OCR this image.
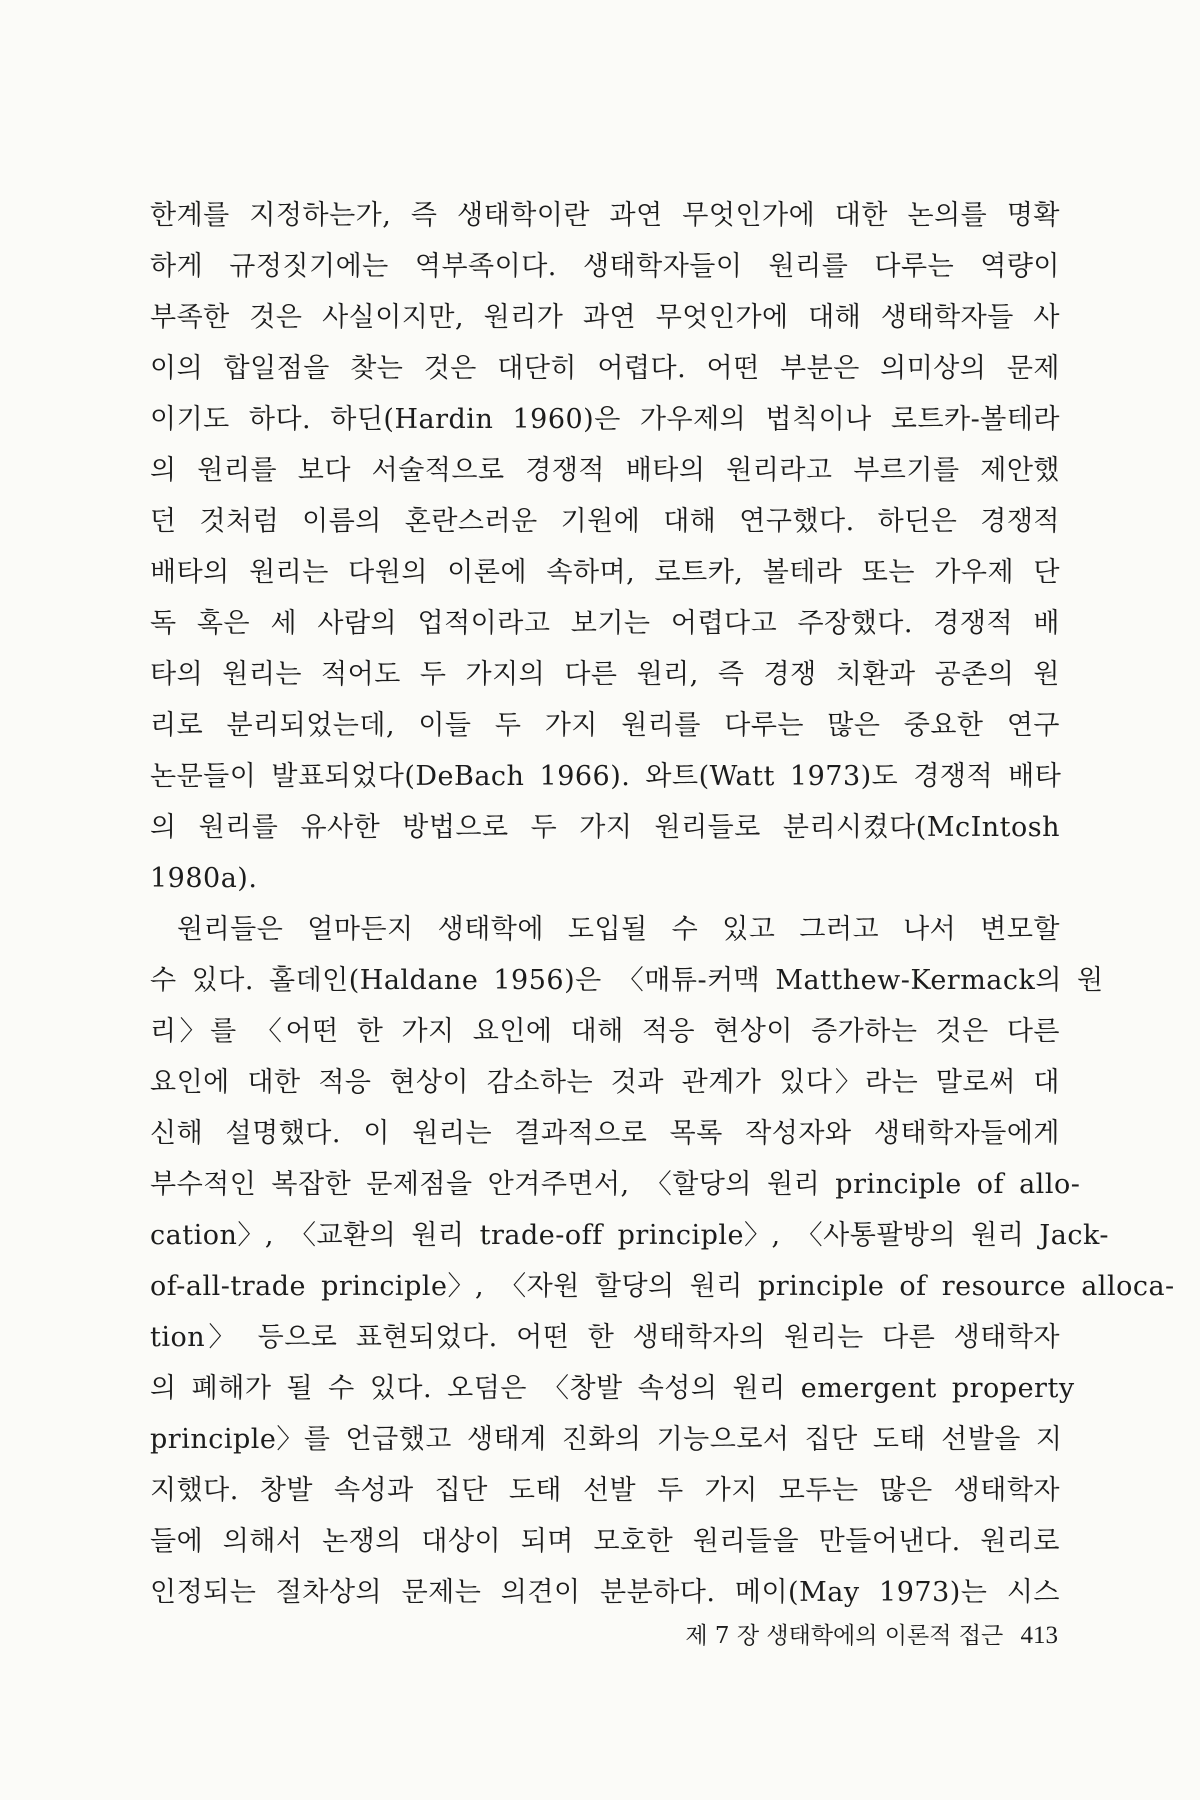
한계를 지정하는가, 즉 생태학이란 과연 무엇인가에 대한 논의를 명확
하게 규정짓기에는 역부족이다. 생태학자들이 원리를 다루는 역량이
부족한 것은 사실이지만, 원리가 과연 무엇인가에 대해 생태학자들 사
이의 합일점을 찾는 것은 대단히 어렵다. 어떤 부분은 의미상의 문제
이기도 하다. 하딘(Hardin 1960)은 가우제의 법칙이나 로트카-볼테라
의 원리를 보다 서술적으로 경쟁적 배타의 원리라고 부르기를 제안했
던 것처럼 이름의 혼란스러운 기원에 대해 연구했다. 하딘은 경쟁적
배타의 원리는 다원의 이론에 속하며, 로트카, 볼테라 또는 가우제 단
독 혹은 세 사람의 업적이라고 보기는 어렵다고 주장했다. 경쟁적 배
타의 원리는 적어도 두 가지의 다른 원리, 즉 경쟁 치환과 공존의 원
리로 분리되었는데, 이들 두 가지 원리를 다루는 많은 중요한 연구
논문들이 발표되었다(DeBach 1966). 와트(Watt 1973)도 경쟁적 배타
의 원리를 유사한 방법으로 두 가지 원리들로 분리시켰다(McIntosh
1980a).
원리들은 얼마든지 생태학에 도입될 수 있고 그러고 나서 변모할
수 있다. 홀데인(Haldane 1956)은 〈매튜-커맥 Matthew-Kermack의 원
리〉를 〈어떤 한 가지 요인에 대해 적응 현상이 증가하는 것은 다른
요인에 대한 적응 현상이 감소하는 것과 관계가 있다〉라는 말로써 대
신해 설명했다. 이 원리는 결과적으로 목록 작성자와 생태학자들에게
부수적인 복잡한 문제점을 안겨주면서, 〈할당의 원리 principle of allo-
cation〉, 〈교환의 원리 trade-off principle〉, 〈사통팔방의 원리 Jack-
of-all-trade principle〉, 〈자원 할당의 원리 principle of resource alloca-
tion〉 등으로 표현되었다. 어떤 한 생태학자의 원리는 다른 생태학자
의 폐해가 될 수 있다. 오덤은 〈창발 속성의 원리 emergent property
principle〉를 언급했고 생태계 진화의 기능으로서 집단 도태 선발을 지
지했다. 창발 속성과 집단 도태 선발 두 가지 모두는 많은 생태학자
들에 의해서 논쟁의 대상이 되며 모호한 원리들을 만들어낸다. 원리로
인정되는 절차상의 문제는 의견이 분분하다. 메이(May 1973)는 시스
제 7 장 생태학에의 이론적 접근 413
